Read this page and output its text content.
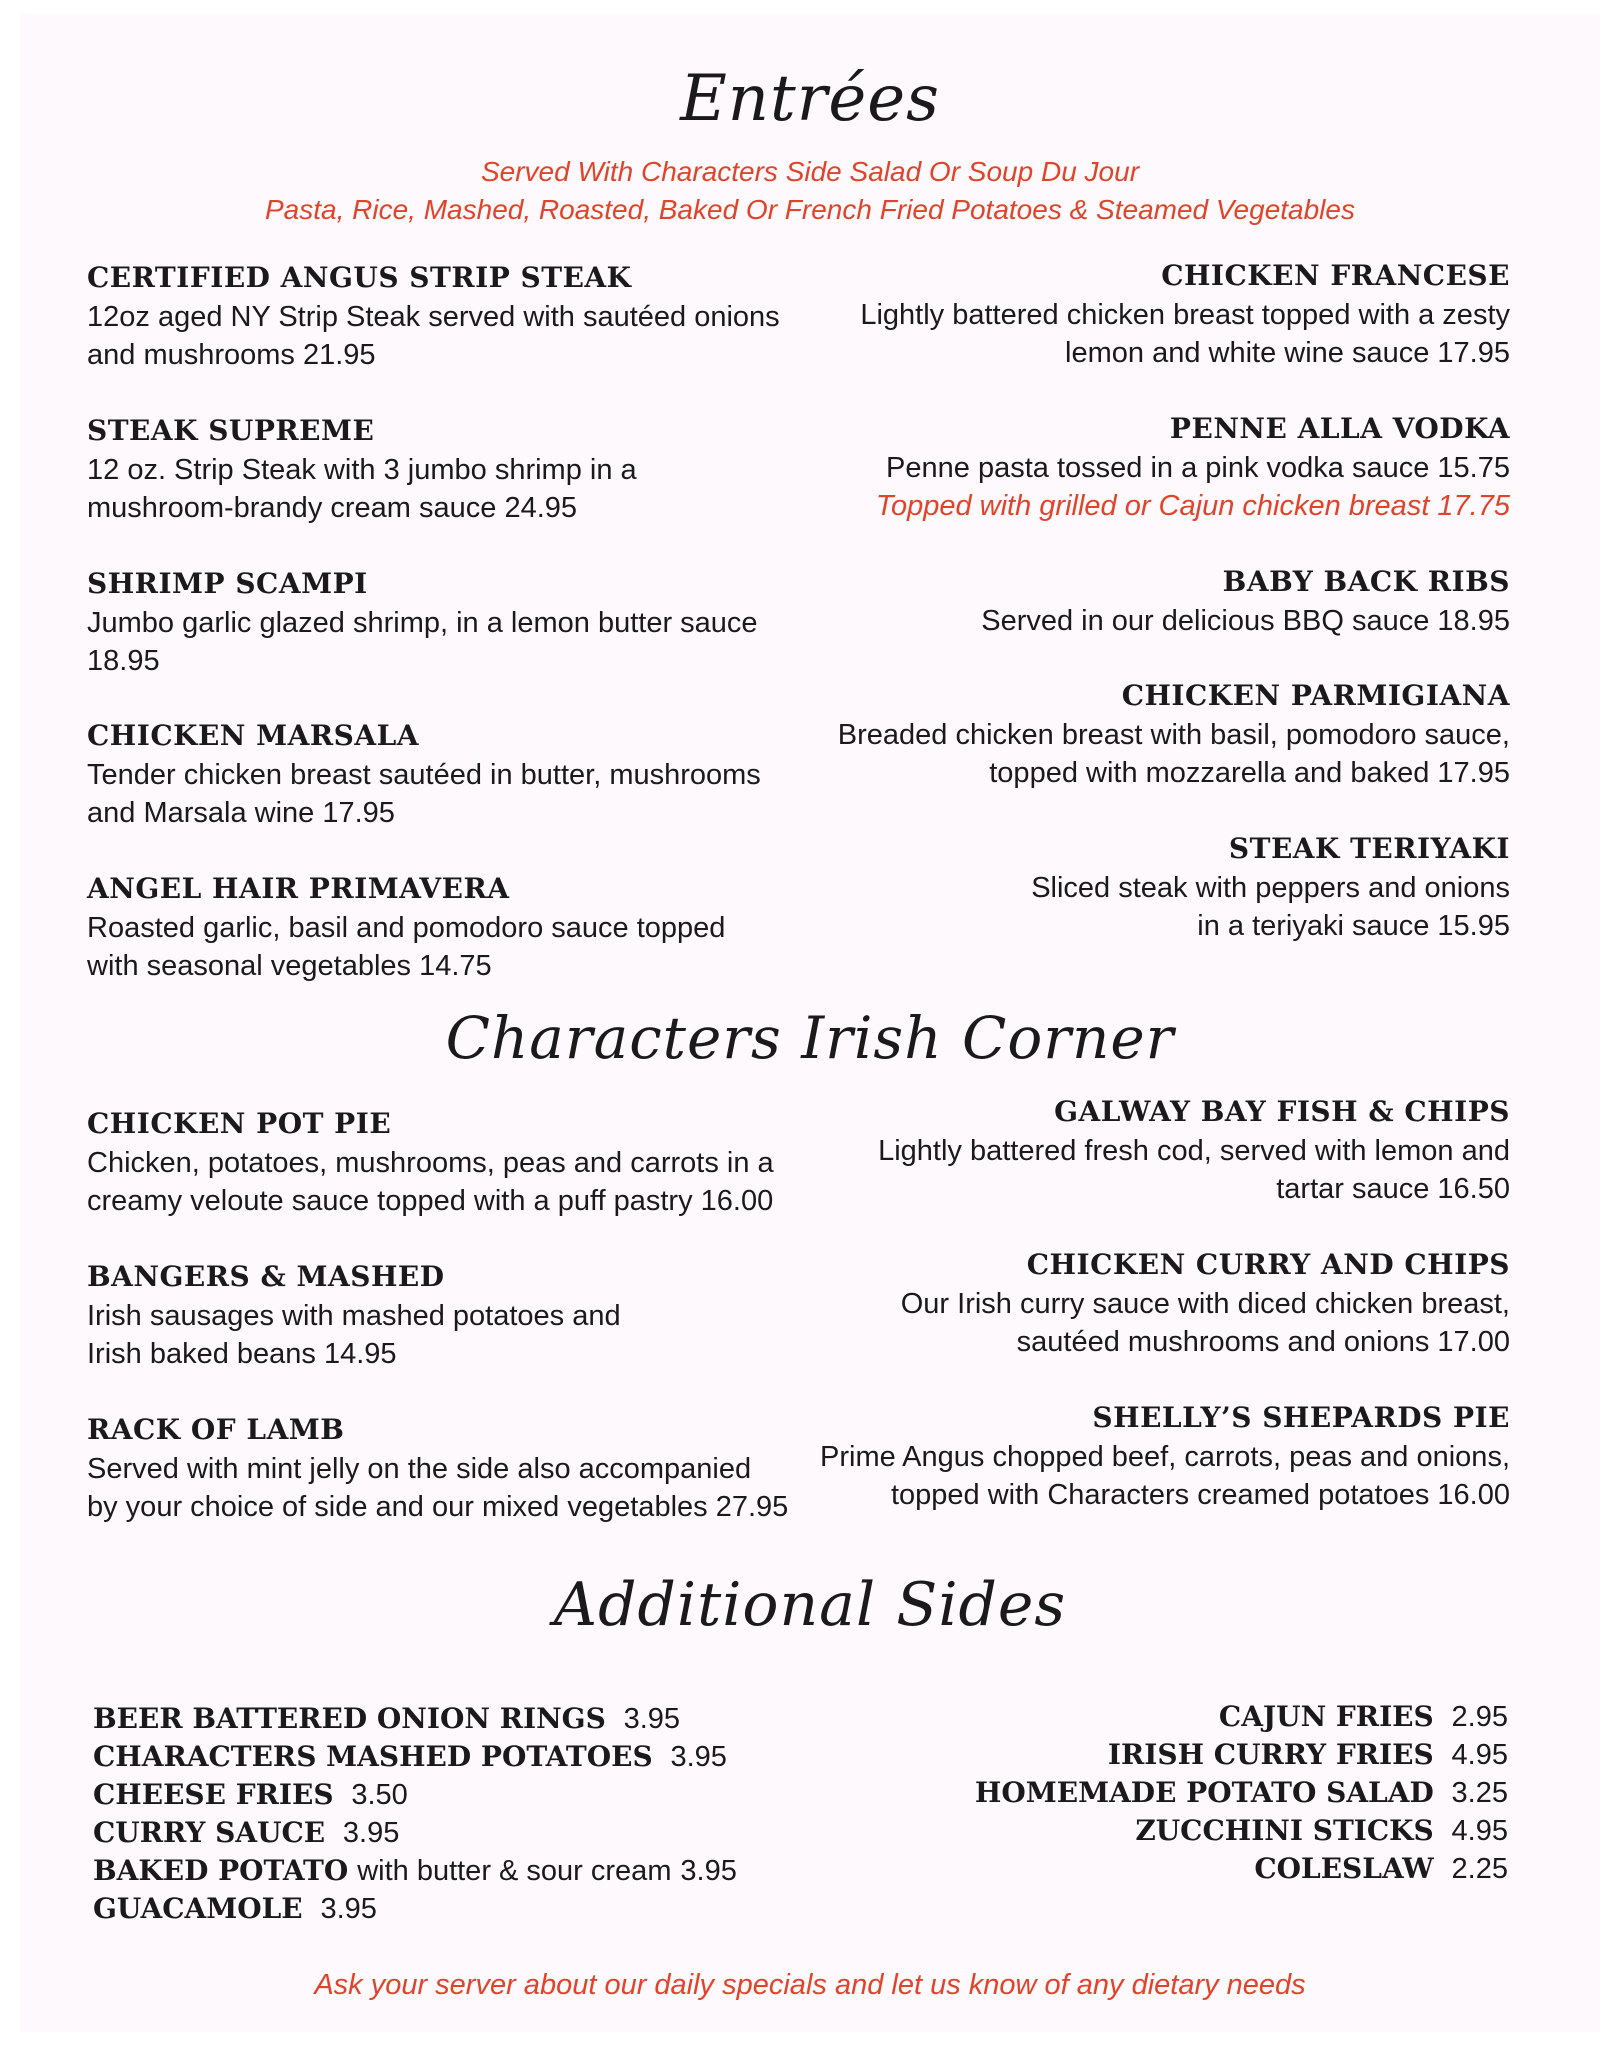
Entrées
Served With Characters Side Salad Or Soup Du Jour
Pasta, Rice, Mashed, Roasted, Baked Or French Fried Potatoes & Steamed Vegetables
CERTIFIED ANGUS STRIP STEAK
12oz aged NY Strip Steak served with sautéed onions
and mushrooms 21.95
STEAK SUPREME
12 oz. Strip Steak with 3 jumbo shrimp in a
mushroom-brandy cream sauce 24.95
SHRIMP SCAMPI
Jumbo garlic glazed shrimp, in a lemon butter sauce
18.95
CHICKEN MARSALA
Tender chicken breast sautéed in butter, mushrooms
and Marsala wine 17.95
ANGEL HAIR PRIMAVERA
Roasted garlic, basil and pomodoro sauce topped
with seasonal vegetables 14.75
CHICKEN FRANCESE
Lightly battered chicken breast topped with a zesty
lemon and white wine sauce 17.95
PENNE ALLA VODKA
Penne pasta tossed in a pink vodka sauce 15.75
Topped with grilled or Cajun chicken breast 17.75
BABY BACK RIBS
Served in our delicious BBQ sauce 18.95
CHICKEN PARMIGIANA
Breaded chicken breast with basil, pomodoro sauce,
topped with mozzarella and baked 17.95
STEAK TERIYAKI
Sliced steak with peppers and onions
in a teriyaki sauce 15.95
Characters Irish Corner
CHICKEN POT PIE
Chicken, potatoes, mushrooms, peas and carrots in a
creamy veloute sauce topped with a puff pastry 16.00
BANGERS & MASHED
Irish sausages with mashed potatoes and
Irish baked beans 14.95
RACK OF LAMB
Served with mint jelly on the side also accompanied
by your choice of side and our mixed vegetables 27.95
GALWAY BAY FISH & CHIPS
Lightly battered fresh cod, served with lemon and
tartar sauce 16.50
CHICKEN CURRY AND CHIPS
Our Irish curry sauce with diced chicken breast,
sautéed mushrooms and onions 17.00
SHELLY’S SHEPARDS PIE
Prime Angus chopped beef, carrots, peas and onions,
topped with Characters creamed potatoes 16.00
Additional Sides
BEER BATTERED ONION RINGS 3.95
CHARACTERS MASHED POTATOES 3.95
CHEESE FRIES 3.50
CURRY SAUCE 3.95
BAKED POTATO with butter & sour cream 3.95
GUACAMOLE 3.95
CAJUN FRIES 2.95
IRISH CURRY FRIES 4.95
HOMEMADE POTATO SALAD 3.25
ZUCCHINI STICKS 4.95
COLESLAW 2.25
Ask your server about our daily specials and let us know of any dietary needs
